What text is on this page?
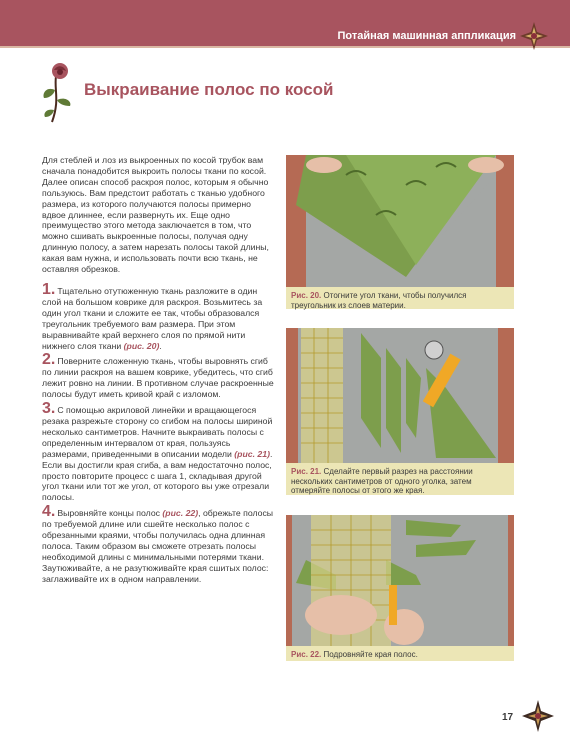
Потайная машинная аппликация
Выкраивание полос по косой
Для стеблей и лоз из выкроенных по косой трубок вам сначала понадобится выкроить полосы ткани по косой. Далее описан способ раскроя полос, которым я обычно пользуюсь. Вам предстоит работать с тканью удобного размера, из которого получаются полосы примерно вдвое длиннее, если развернуть их. Еще одно преимущество этого метода заключается в том, что можно сшивать выкроенные полосы, получая одну длинную полосу, а затем нарезать полосы такой длины, какая вам нужна, и использовать почти всю ткань, не оставляя обрезков.

1. Тщательно отутюженную ткань разложите в один слой на большом коврике для раскроя. Возьмитесь за один угол ткани и сложите ее так, чтобы образовался треугольник требуемого вам размера. При этом выравнивайте край верхнего слоя по прямой нити нижнего слоя ткани (рис. 20).

2. Поверните сложенную ткань, чтобы выровнять сгиб по линии раскроя на вашем коврике, убедитесь, что сгиб лежит ровно на линии. В противном случае раскроенные полосы будут иметь кривой край с изломом.

3. С помощью акриловой линейки и вращающегося резака разрежьте сторону со сгибом на полосы шириной несколько сантиметров. Начните выкраивать полосы с определенным интервалом от края, пользуясь размерами, приведенными в описании модели (рис. 21). Если вы достигли края сгиба, а вам недостаточно полос, просто повторите процесс с шага 1, складывая другой угол ткани или тот же угол, от которого вы уже отрезали полосы.

4. Выровняйте концы полос (рис. 22), обрежьте полосы по требуемой длине или сшейте несколько полос с обрезанными краями, чтобы получилась одна длинная полоса. Таким образом вы сможете отрезать полосы необходимой длины с минимальными потерями ткани. Заутюживайте, а не разутюживайте края сшитых полос: заглаживайте их в одном направлении.

Рис. 20. Отогните угол ткани, чтобы получился треугольник из слоев материи.
Рис. 21. Сделайте первый разрез на расстоянии нескольких сантиметров от одного уголка, затем отмеряйте полосы от этого же края.
Рис. 22. Подровняйте края полос.
17
